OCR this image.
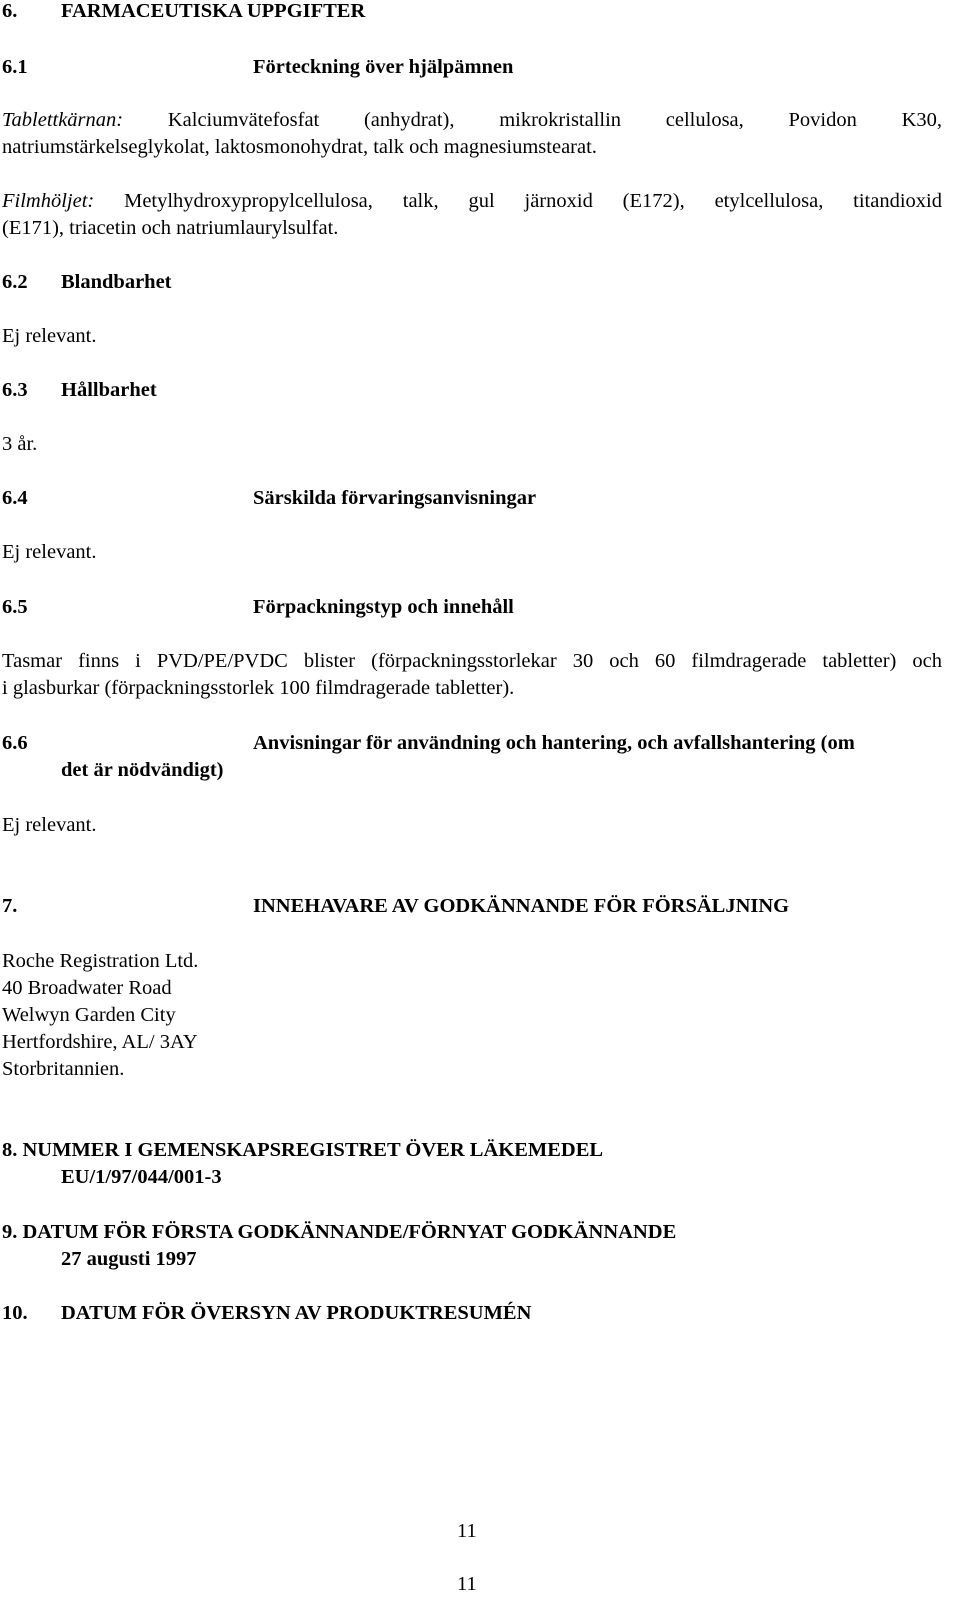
6. FARMACEUTISKA UPPGIFTER
6.1	Förteckning över hjälpämnen
Tablettkärnan: Kalciumvätefosfat (anhydrat), mikrokristallin cellulosa, Povidon K30,
natriumstärkelseglykolat, laktosmonohydrat, talk och magnesiumstearat.
Filmhöljet: Metylhydroxypropylcellulosa, talk, gul järnoxid (E172), etylcellulosa, titandioxid
(E171), triacetin och natriumlaurylsulfat.
6.2 Blandbarhet
Ej relevant.
6.3 Hållbarhet
3 år.
6.4	Särskilda förvaringsanvisningar
Ej relevant.
6.5	Förpackningstyp och innehåll
Tasmar finns i PVD/PE/PVDC blister (förpackningsstorlekar 30 och 60 filmdragerade tabletter) och
i glasburkar (förpackningsstorlek 100 filmdragerade tabletter).
6.6	Anvisningar för användning och hantering, och avfallshantering (om
det är nödvändigt)
Ej relevant.
7.	INNEHAVARE AV GODKÄNNANDE FÖR FÖRSÄLJNING
Roche Registration Ltd.
40 Broadwater Road
Welwyn Garden City
Hertfordshire, AL/ 3AY
Storbritannien.
8. NUMMER I GEMENSKAPSREGISTRET ÖVER LÄKEMEDEL
EU/1/97/044/001-3
9. DATUM FÖR FÖRSTA GODKÄNNANDE/FÖRNYAT GODKÄNNANDE
27 augusti 1997
10. DATUM FÖR ÖVERSYN AV PRODUKTRESUMÉN
11
11
